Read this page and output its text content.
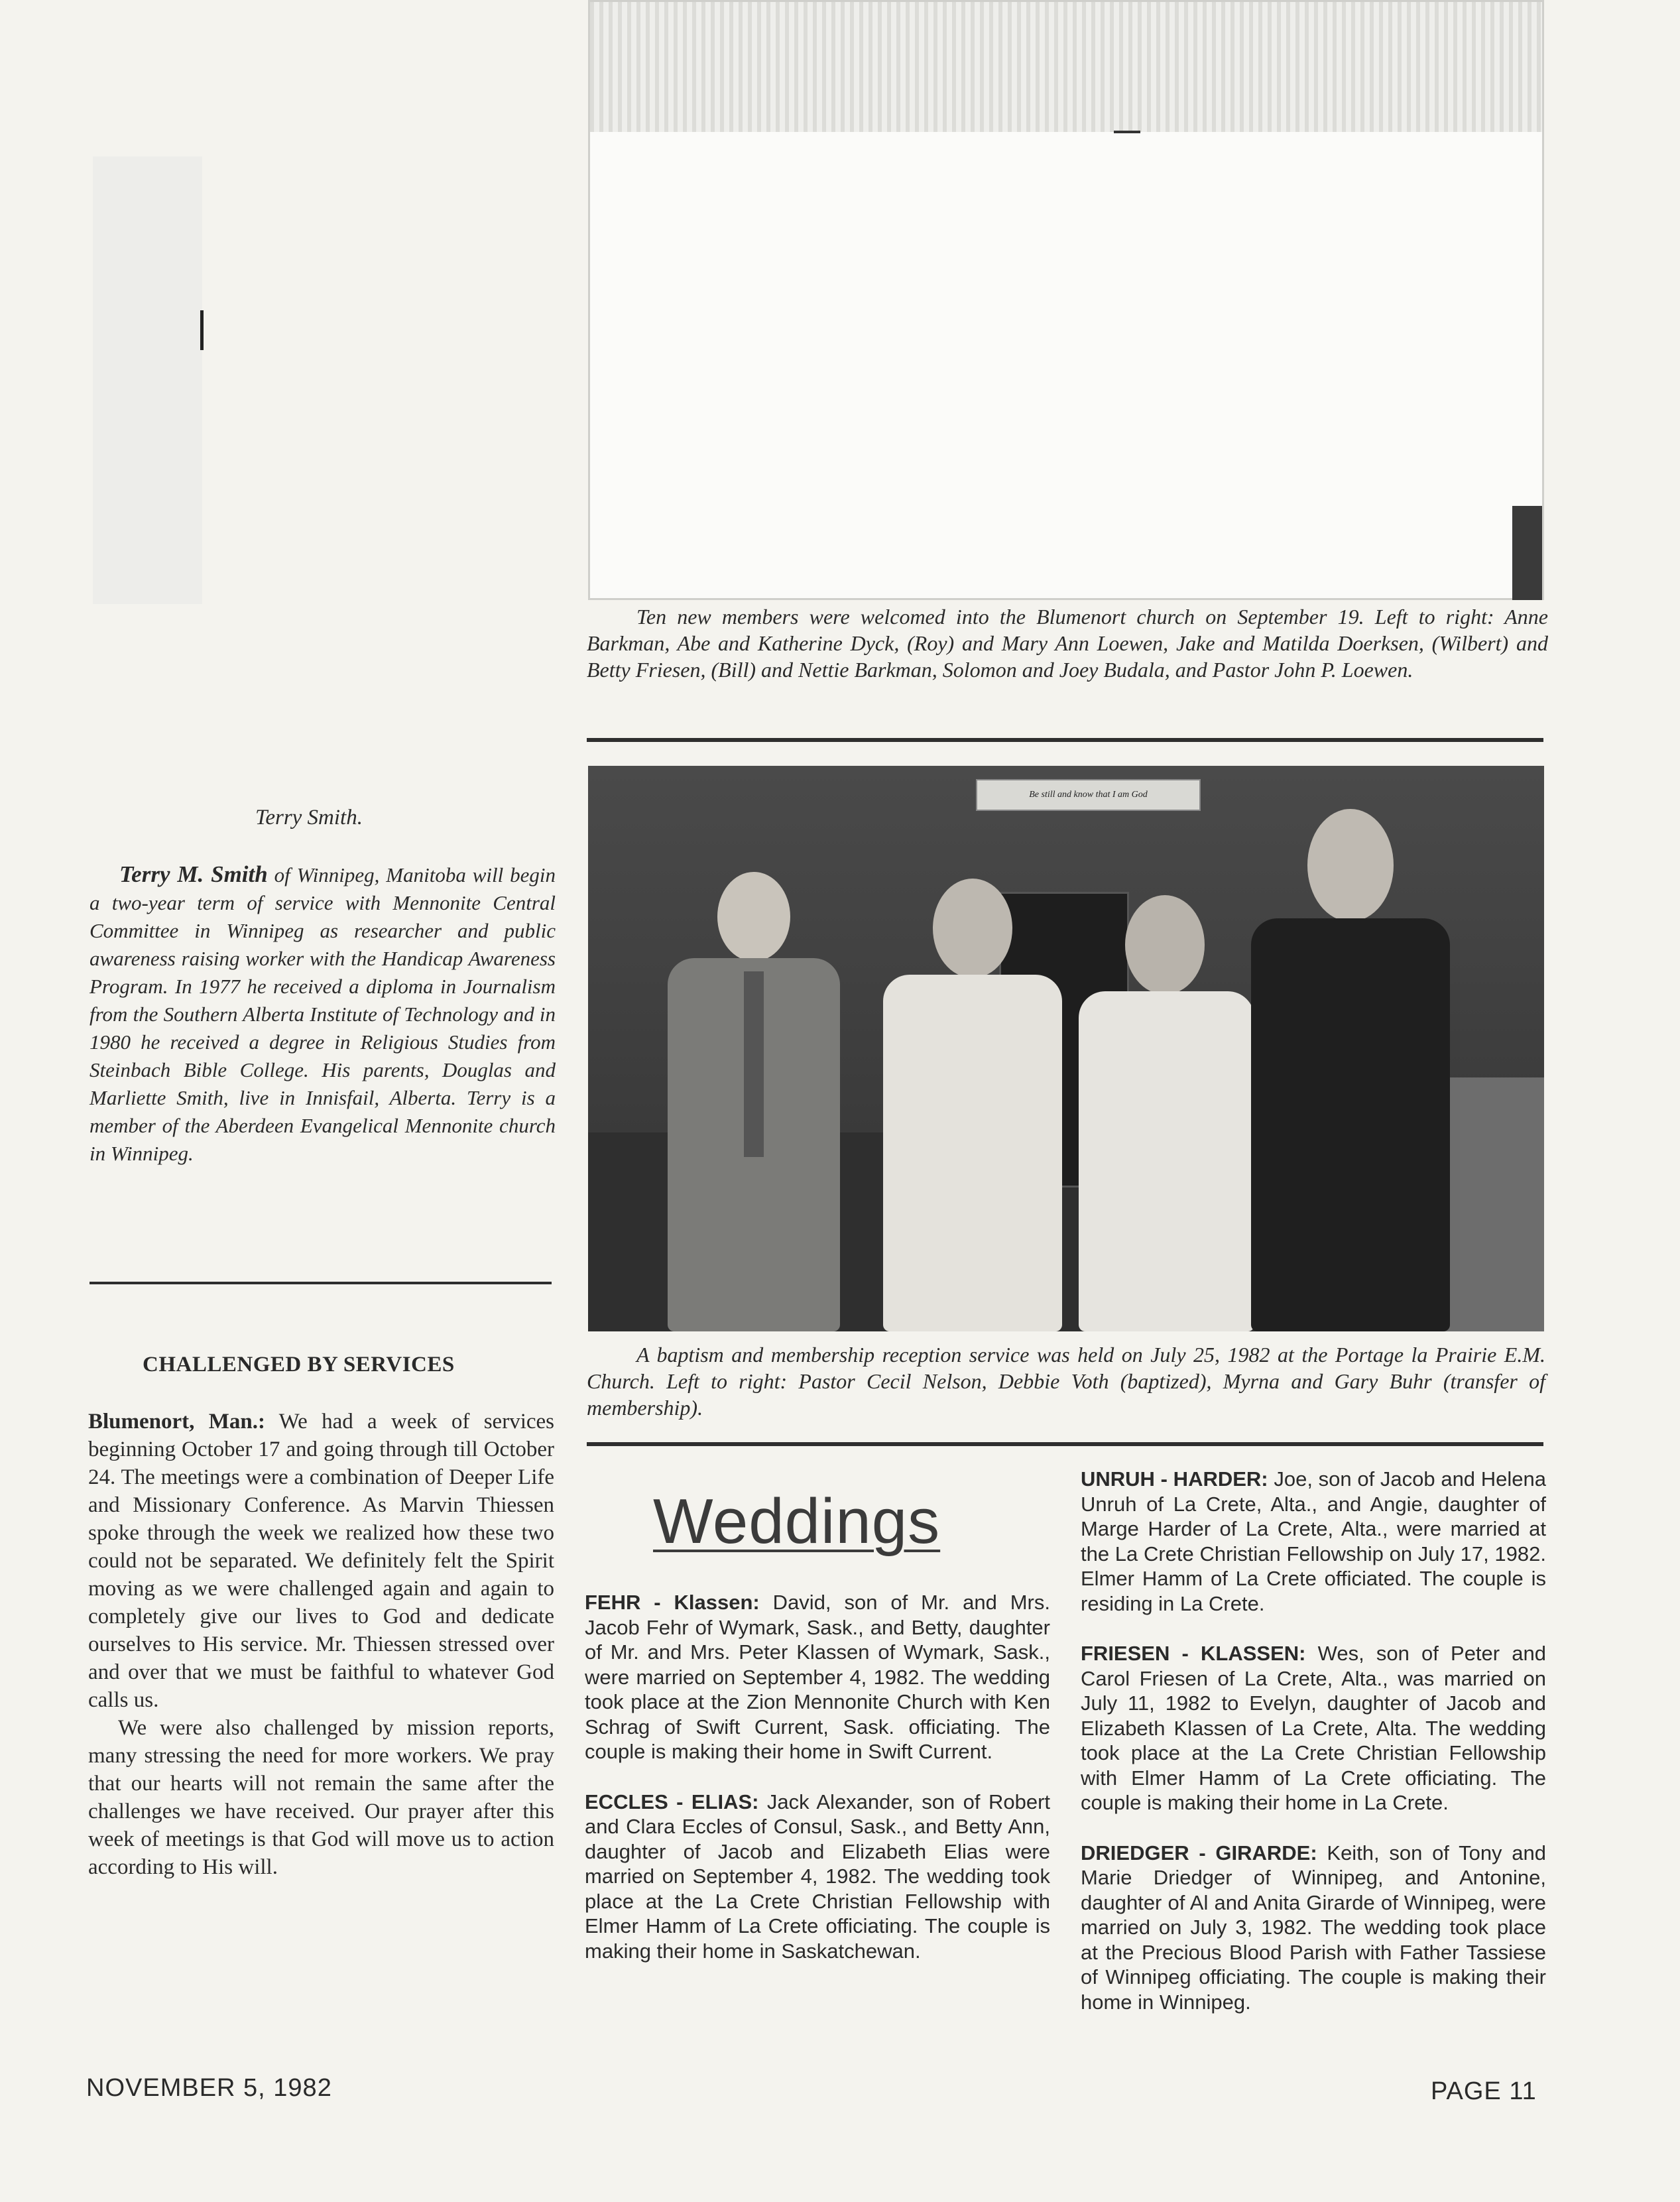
Ten new members were welcomed into the Blumenort church on September 19. Left to right: Anne Barkman, Abe and Katherine Dyck, (Roy) and Mary Ann Loewen, Jake and Matilda Doerksen, (Wilbert) and Betty Friesen, (Bill) and Nettie Barkman, Solomon and Joey Budala, and Pastor John P. Loewen.
Terry Smith.
Terry M. Smith of Winnipeg, Manitoba will begin a two-year term of service with Mennonite Central Committee in Winnipeg as researcher and public awareness raising worker with the Handicap Awareness Program. In 1977 he received a diploma in Journalism from the Southern Alberta Institute of Technology and in 1980 he received a degree in Religious Studies from Steinbach Bible College. His parents, Douglas and Marliette Smith, live in Innisfail, Alberta. Terry is a member of the Aberdeen Evangelical Mennonite church in Winnipeg.
Be still and know that I am God
A baptism and membership reception service was held on July 25, 1982 at the Portage la Prairie E.M. Church. Left to right: Pastor Cecil Nelson, Debbie Voth (baptized), Myrna and Gary Buhr (transfer of membership).
CHALLENGED BY SERVICES
Blumenort, Man.: We had a week of services beginning October 17 and going through till October 24. The meetings were a combination of Deeper Life and Missionary Conference. As Marvin Thiessen spoke through the week we realized how these two could not be separated. We definitely felt the Spirit moving as we were challenged again and again to completely give our lives to God and dedicate ourselves to His service. Mr. Thiessen stressed over and over that we must be faithful to whatever God calls us.
We were also challenged by mission reports, many stressing the need for more workers. We pray that our hearts will not remain the same after the challenges we have received. Our prayer after this week of meetings is that God will move us to action according to His will.
Weddings
FEHR - Klassen: David, son of Mr. and Mrs. Jacob Fehr of Wymark, Sask., and Betty, daughter of Mr. and Mrs. Peter Klassen of Wymark, Sask., were married on September 4, 1982. The wedding took place at the Zion Mennonite Church with Ken Schrag of Swift Current, Sask. officiating. The couple is making their home in Swift Current.
ECCLES - ELIAS: Jack Alexander, son of Robert and Clara Eccles of Consul, Sask., and Betty Ann, daughter of Jacob and Elizabeth Elias were married on September 4, 1982. The wedding took place at the La Crete Christian Fellowship with Elmer Hamm of La Crete officiating. The couple is making their home in Saskatchewan.
UNRUH - HARDER: Joe, son of Jacob and Helena Unruh of La Crete, Alta., and Angie, daughter of Marge Harder of La Crete, Alta., were married at the La Crete Christian Fellowship on July 17, 1982. Elmer Hamm of La Crete officiated. The couple is residing in La Crete.
FRIESEN - KLASSEN: Wes, son of Peter and Carol Friesen of La Crete, Alta., was married on July 11, 1982 to Evelyn, daughter of Jacob and Elizabeth Klassen of La Crete, Alta. The wedding took place at the La Crete Christian Fellowship with Elmer Hamm of La Crete officiating. The couple is making their home in La Crete.
DRIEDGER - GIRARDE: Keith, son of Tony and Marie Driedger of Winnipeg, and Antonine, daughter of Al and Anita Girarde of Winnipeg, were married on July 3, 1982. The wedding took place at the Precious Blood Parish with Father Tassiese of Winnipeg officiating. The couple is making their home in Winnipeg.
NOVEMBER 5, 1982	PAGE 11
